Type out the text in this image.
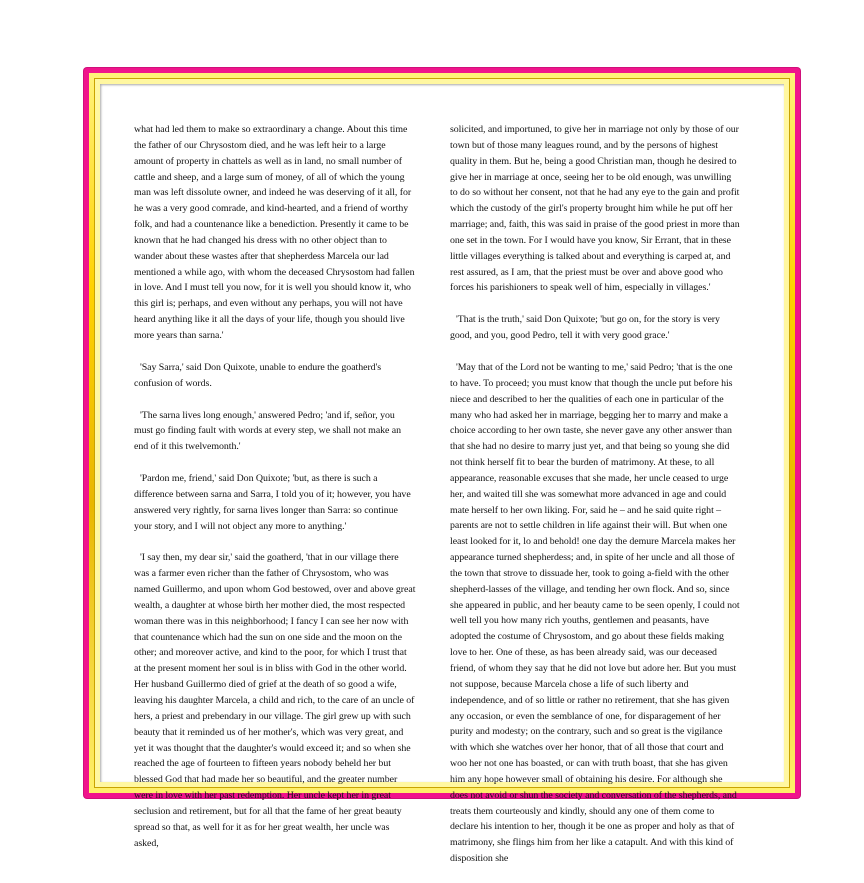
what had led them to make so extraordinary a change. About this time the father of our Chrysostom died, and he was left heir to a large amount of property in chattels as well as in land, no small number of cattle and sheep, and a large sum of money, of all of which the young man was left dissolute owner, and indeed he was deserving of it all, for he was a very good comrade, and kind-hearted, and a friend of worthy folk, and had a countenance like a benediction. Presently it came to be known that he had changed his dress with no other object than to wander about these wastes after that shepherdess Marcela our lad mentioned a while ago, with whom the deceased Chrysostom had fallen in love. And I must tell you now, for it is well you should know it, who this girl is; perhaps, and even without any perhaps, you will not have heard anything like it all the days of your life, though you should live more years than sarna.'

'Say Sarra,' said Don Quixote, unable to endure the goatherd's confusion of words.

'The sarna lives long enough,' answered Pedro; 'and if, señor, you must go finding fault with words at every step, we shall not make an end of it this twelvemonth.'

'Pardon me, friend,' said Don Quixote; 'but, as there is such a difference between sarna and Sarra, I told you of it; however, you have answered very rightly, for sarna lives longer than Sarra: so continue your story, and I will not object any more to anything.'

'I say then, my dear sir,' said the goatherd, 'that in our village there was a farmer even richer than the father of Chrysostom, who was named Guillermo, and upon whom God bestowed, over and above great wealth, a daughter at whose birth her mother died, the most respected woman there was in this neighborhood; I fancy I can see her now with that countenance which had the sun on one side and the moon on the other; and moreover active, and kind to the poor, for which I trust that at the present moment her soul is in bliss with God in the other world. Her husband Guillermo died of grief at the death of so good a wife, leaving his daughter Marcela, a child and rich, to the care of an uncle of hers, a priest and prebendary in our village. The girl grew up with such beauty that it reminded us of her mother's, which was very great, and yet it was thought that the daughter's would exceed it; and so when she reached the age of fourteen to fifteen years nobody beheld her but blessed God that had made her so beautiful, and the greater number were in love with her past redemption. Her uncle kept her in great seclusion and retirement, but for all that the fame of her great beauty spread so that, as well for it as for her great wealth, her uncle was asked,

solicited, and importuned, to give her in marriage not only by those of our town but of those many leagues round, and by the persons of highest quality in them. But he, being a good Christian man, though he desired to give her in marriage at once, seeing her to be old enough, was unwilling to do so without her consent, not that he had any eye to the gain and profit which the custody of the girl's property brought him while he put off her marriage; and, faith, this was said in praise of the good priest in more than one set in the town. For I would have you know, Sir Errant, that in these little villages everything is talked about and everything is carped at, and rest assured, as I am, that the priest must be over and above good who forces his parishioners to speak well of him, especially in villages.'

'That is the truth,' said Don Quixote; 'but go on, for the story is very good, and you, good Pedro, tell it with very good grace.'

'May that of the Lord not be wanting to me,' said Pedro; 'that is the one to have. To proceed; you must know that though the uncle put before his niece and described to her the qualities of each one in particular of the many who had asked her in marriage, begging her to marry and make a choice according to her own taste, she never gave any other answer than that she had no desire to marry just yet, and that being so young she did not think herself fit to bear the burden of matrimony. At these, to all appearance, reasonable excuses that she made, her uncle ceased to urge her, and waited till she was somewhat more advanced in age and could mate herself to her own liking. For, said he – and he said quite right – parents are not to settle children in life against their will. But when one least looked for it, lo and behold! one day the demure Marcela makes her appearance turned shepherdess; and, in spite of her uncle and all those of the town that strove to dissuade her, took to going a-field with the other shepherd-lasses of the village, and tending her own flock. And so, since she appeared in public, and her beauty came to be seen openly, I could not well tell you how many rich youths, gentlemen and peasants, have adopted the costume of Chrysostom, and go about these fields making love to her. One of these, as has been already said, was our deceased friend, of whom they say that he did not love but adore her. But you must not suppose, because Marcela chose a life of such liberty and independence, and of so little or rather no retirement, that she has given any occasion, or even the semblance of one, for disparagement of her purity and modesty; on the contrary, such and so great is the vigilance with which she watches over her honor, that of all those that court and woo her not one has boasted, or can with truth boast, that she has given him any hope however small of obtaining his desire. For although she does not avoid or shun the society and conversation of the shepherds, and treats them courteously and kindly, should any one of them come to declare his intention to her, though it be one as proper and holy as that of matrimony, she flings him from her like a catapult. And with this kind of disposition she
